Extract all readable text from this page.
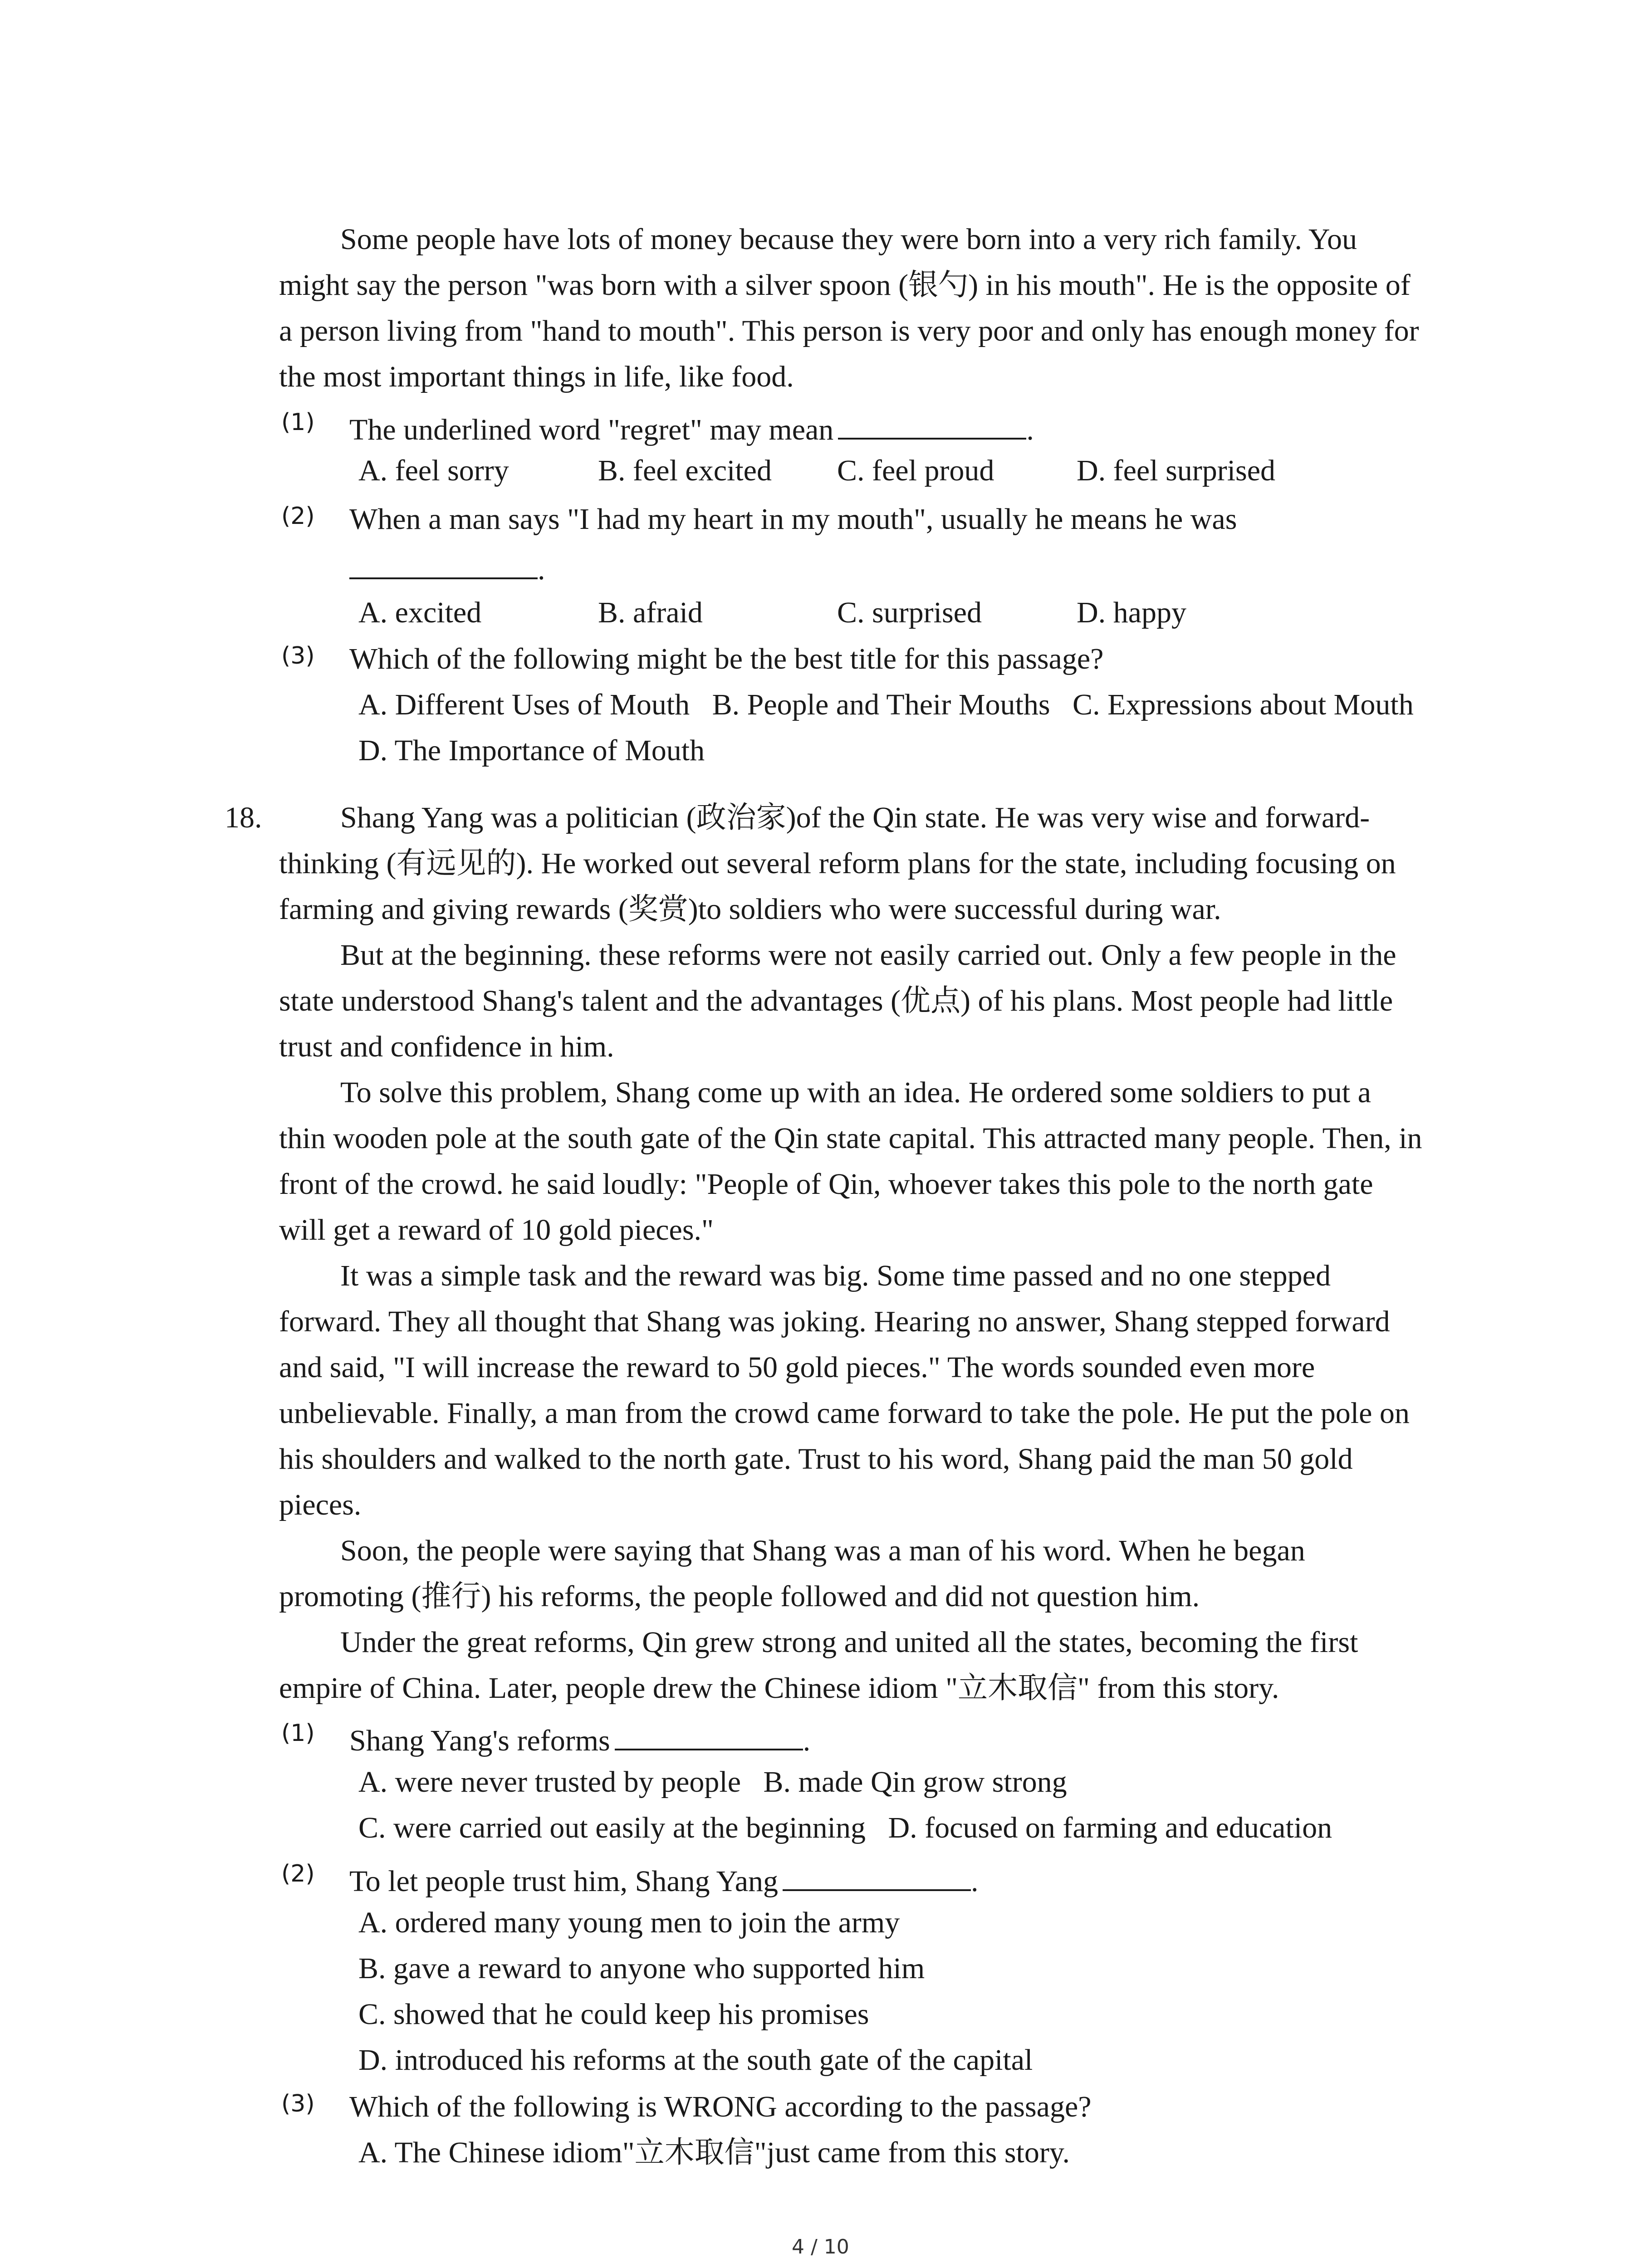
Some people have lots of money because they were born into a very rich family. You
might say the person "was born with a silver spoon (银勺) in his mouth". He is the opposite of
a person living from "hand to mouth". This person is very poor and only has enough money for
the most important things in life, like food.
(1) The underlined word "regret" may mean	.
A. feel sorry	B. feel excited C. feel proud	D. feel surprised
(2) When a man says "I had my heart in my mouth", usually he means he was
.
A. excited	B. afraid	C. surprised	D. happy
(3) Which of the following might be the best title for this passage?
A. Different Uses of Mouth   B. People and Their Mouths   C. Expressions about Mouth
D. The Importance of Mouth
18.	Shang Yang was a politician (政治家)of the Qin state. He was very wise and forward-
thinking (有远见的). He worked out several reform plans for the state, including focusing on
farming and giving rewards (奖赏)to soldiers who were successful during war.
But at the beginning. these reforms were not easily carried out. Only a few people in the
state understood Shang's talent and the advantages (优点) of his plans. Most people had little
trust and confidence in him.
To solve this problem, Shang come up with an idea. He ordered some soldiers to put a
thin wooden pole at the south gate of the Qin state capital. This attracted many people. Then, in
front of the crowd. he said loudly: "People of Qin, whoever takes this pole to the north gate
will get a reward of 10 gold pieces."
It was a simple task and the reward was big. Some time passed and no one stepped
forward. They all thought that Shang was joking. Hearing no answer, Shang stepped forward
and said, "I will increase the reward to 50 gold pieces." The words sounded even more
unbelievable. Finally, a man from the crowd came forward to take the pole. He put the pole on
his shoulders and walked to the north gate. Trust to his word, Shang paid the man 50 gold
pieces.
Soon, the people were saying that Shang was a man of his word. When he began
promoting (推行) his reforms, the people followed and did not question him.
Under the great reforms, Qin grew strong and united all the states, becoming the first
empire of China. Later, people drew the Chinese idiom "立木取信" from this story.
(1) Shang Yang's reforms	.
A. were never trusted by people   B. made Qin grow strong
C. were carried out easily at the beginning   D. focused on farming and education
(2) To let people trust him, Shang Yang	.
A. ordered many young men to join the army
B. gave a reward to anyone who supported him
C. showed that he could keep his promises
D. introduced his reforms at the south gate of the capital
(3) Which of the following is WRONG according to the passage?
A. The Chinese idiom"立木取信"just came from this story.
4 / 10
